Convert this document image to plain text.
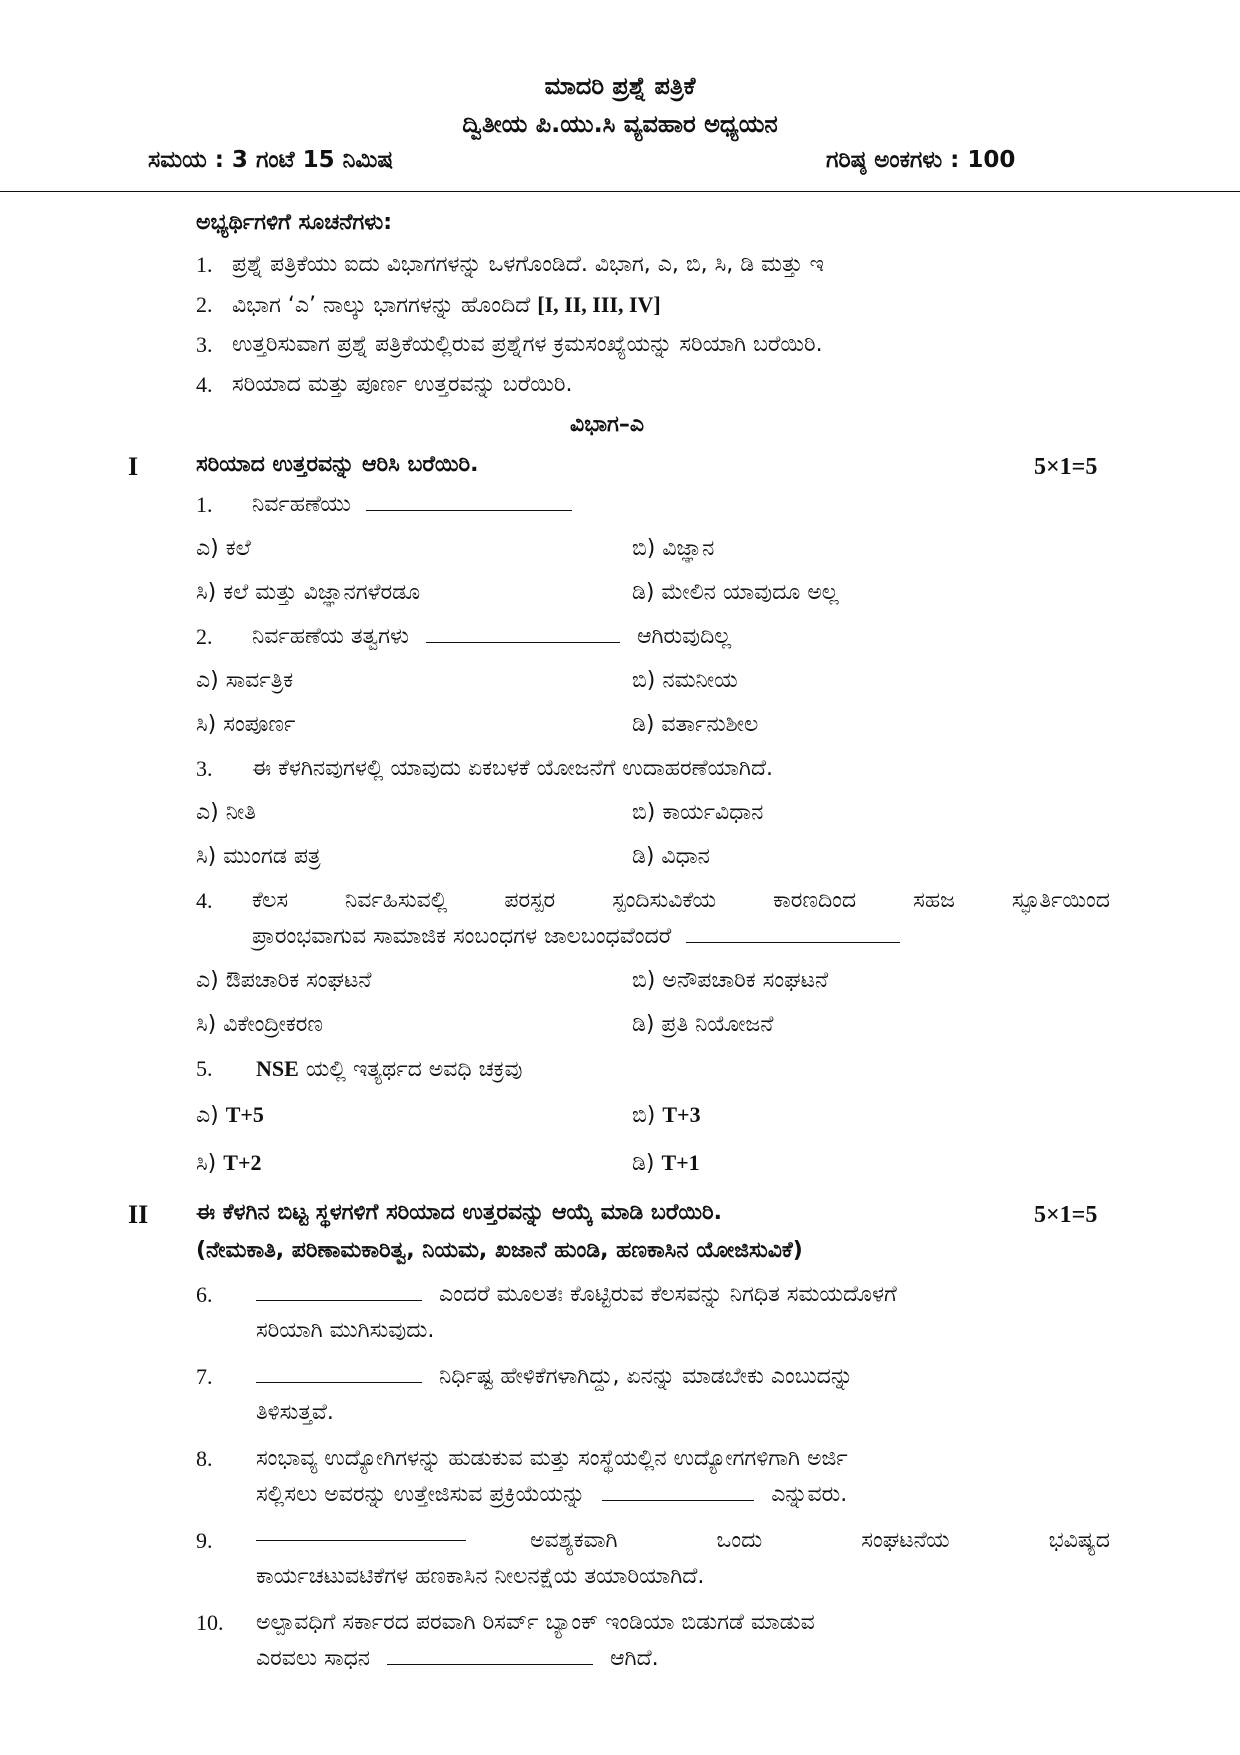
ಮಾದರಿ ಪ್ರಶ್ನೆ ಪತ್ರಿಕೆ
ದ್ವಿತೀಯ ಪಿ.ಯು.ಸಿ ವ್ಯವಹಾರ ಅಧ್ಯಯನ
ಸಮಯ : 3 ಗಂಟೆ 15 ನಿಮಿಷ	ಗರಿಷ್ಠ ಅಂಕಗಳು : 100
ಅಭ್ಯರ್ಥಿಗಳಿಗೆ ಸೂಚನೆಗಳು:
1. ಪ್ರಶ್ನೆ ಪತ್ರಿಕೆಯು ಐದು ವಿಭಾಗಗಳನ್ನು ಒಳಗೊಂಡಿದೆ. ವಿಭಾಗ, ಎ, ಬಿ, ಸಿ, ಡಿ ಮತ್ತು ಇ
2. ವಿಭಾಗ ‘ಎ’ ನಾಲ್ಕು ಭಾಗಗಳನ್ನು ಹೊಂದಿದೆ [I, II, III, IV]
3. ಉತ್ತರಿಸುವಾಗ ಪ್ರಶ್ನೆ ಪತ್ರಿಕೆಯಲ್ಲಿರುವ ಪ್ರಶ್ನೆಗಳ ಕ್ರಮಸಂಖ್ಯೆಯನ್ನು ಸರಿಯಾಗಿ ಬರೆಯಿರಿ.
4. ಸರಿಯಾದ ಮತ್ತು ಪೂರ್ಣ ಉತ್ತರವನ್ನು ಬರೆಯಿರಿ.
ವಿಭಾಗ–ಎ
I	ಸರಿಯಾದ ಉತ್ತರವನ್ನು ಆರಿಸಿ ಬರೆಯಿರಿ.	5×1=5
1. ನಿರ್ವಹಣೆಯು
ಎ) ಕಲೆ	ಬಿ) ವಿಜ್ಞಾನ
ಸಿ) ಕಲೆ ಮತ್ತು ವಿಜ್ಞಾನಗಳೆರಡೂ	ಡಿ) ಮೇಲಿನ ಯಾವುದೂ ಅಲ್ಲ
2. ನಿರ್ವಹಣೆಯ ತತ್ವಗಳು	ಆಗಿರುವುದಿಲ್ಲ
ಎ) ಸಾರ್ವತ್ರಿಕ	ಬಿ) ನಮನೀಯ
ಸಿ) ಸಂಪೂರ್ಣ	ಡಿ) ವರ್ತಾನುಶೀಲ
3. ಈ ಕೆಳಗಿನವುಗಳಲ್ಲಿ ಯಾವುದು ಏಕಬಳಕೆ ಯೋಜನೆಗೆ ಉದಾಹರಣೆಯಾಗಿದೆ.
ಎ) ನೀತಿ	ಬಿ) ಕಾರ್ಯವಿಧಾನ
ಸಿ) ಮುಂಗಡ ಪತ್ರ	ಡಿ) ವಿಧಾನ
4. ಕೆಲಸ ನಿರ್ವಹಿಸುವಲ್ಲಿ ಪರಸ್ಪರ ಸ್ಪಂದಿಸುವಿಕೆಯ ಕಾರಣದಿಂದ ಸಹಜ ಸ್ಫೂರ್ತಿಯಿಂದ
ಪ್ರಾರಂಭವಾಗುವ ಸಾಮಾಜಿಕ ಸಂಬಂಧಗಳ ಜಾಲಬಂಧವೆಂದರೆ
ಎ) ಔಪಚಾರಿಕ ಸಂಘಟನೆ	ಬಿ) ಅನೌಪಚಾರಿಕ ಸಂಘಟನೆ
ಸಿ) ವಿಕೇಂದ್ರೀಕರಣ	ಡಿ) ಪ್ರತಿ ನಿಯೋಜನೆ
5. NSE ಯಲ್ಲಿ ಇತ್ಯರ್ಥದ ಅವಧಿ ಚಕ್ರವು
ಎ) T+5	ಬಿ) T+3
ಸಿ) T+2	ಡಿ) T+1
II ಈ ಕೆಳಗಿನ ಬಿಟ್ಟ ಸ್ಥಳಗಳಿಗೆ ಸರಿಯಾದ ಉತ್ತರವನ್ನು ಆಯ್ಕೆ ಮಾಡಿ ಬರೆಯಿರಿ.	5×1=5
(ನೇಮಕಾತಿ, ಪರಿಣಾಮಕಾರಿತ್ವ, ನಿಯಮ, ಖಜಾನೆ ಹುಂಡಿ, ಹಣಕಾಸಿನ ಯೋಜಿಸುವಿಕೆ)
6.	ಎಂದರೆ ಮೂಲತಃ ಕೊಟ್ಟಿರುವ ಕೆಲಸವನ್ನು ನಿಗಧಿತ ಸಮಯದೊಳಗೆ
ಸರಿಯಾಗಿ ಮುಗಿಸುವುದು.
7.	ನಿರ್ಧಿಷ್ಟ ಹೇಳಿಕೆಗಳಾಗಿದ್ದು, ಏನನ್ನು ಮಾಡಬೇಕು ಎಂಬುದನ್ನು
ತಿಳಿಸುತ್ತವೆ.
8. ಸಂಭಾವ್ಯ ಉದ್ಯೋಗಿಗಳನ್ನು ಹುಡುಕುವ ಮತ್ತು ಸಂಸ್ಥೆಯಲ್ಲಿನ ಉದ್ಯೋಗಗಳಿಗಾಗಿ ಅರ್ಜಿ
ಸಲ್ಲಿಸಲು ಅವರನ್ನು ಉತ್ತೇಜಿಸುವ ಪ್ರಕ್ರಿಯೆಯನ್ನು	ಎನ್ನುವರು.
9.	ಅವಶ್ಯಕವಾಗಿ ಒಂದು ಸಂಘಟನೆಯ ಭವಿಷ್ಯದ
ಕಾರ್ಯಚಟುವಟಿಕೆಗಳ ಹಣಕಾಸಿನ ನೀಲನಕ್ಷೆಯ ತಯಾರಿಯಾಗಿದೆ.
10. ಅಲ್ಪಾವಧಿಗೆ ಸರ್ಕಾರದ ಪರವಾಗಿ ರಿಸರ್ವ್ ಬ್ಯಾಂಕ್ ಇಂಡಿಯಾ ಬಿಡುಗಡೆ ಮಾಡುವ
ಎರವಲು ಸಾಧನ	ಆಗಿದೆ.
